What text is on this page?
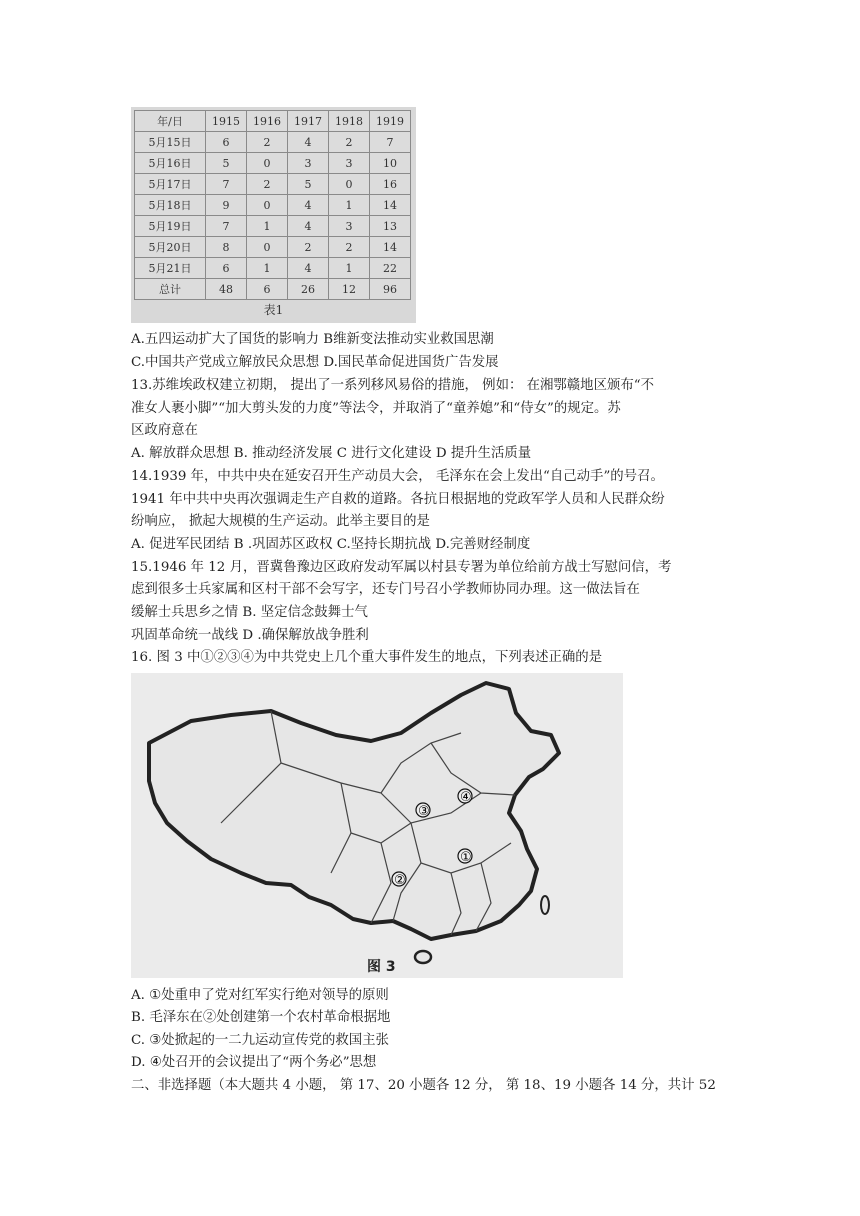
年/日	1915	1916	1917	1918	1919
5月15日	6	2	4	2	7
5月16日	5	0	3	3	10
5月17日	7	2	5	0	16
5月18日	9	0	4	1	14
5月19日	7	1	4	3	13
5月20日	8	0	2	2	14
5月21日	6	1	4	1	22
总计	48	6	26	12	96
表1
A.五四运动扩大了国货的影响力 B维新变法推动实业救国思潮
C.中国共产党成立解放民众思想 D.国民革命促进国货广告发展
13.苏维埃政权建立初期， 提出了一系列移风易俗的措施， 例如： 在湘鄂赣地区颁布“不
准女人裹小脚”“加大剪头发的力度”等法令，并取消了“童养媳”和“侍女”的规定。苏
区政府意在
A. 解放群众思想 B. 推动经济发展 C 进行文化建设 D 提升生活质量
14.1939 年，中共中央在延安召开生产动员大会， 毛泽东在会上发出“自己动手”的号召。
1941 年中共中央再次强调走生产自救的道路。各抗日根据地的党政军学人员和人民群众纷
纷响应， 掀起大规模的生产运动。此举主要目的是
A. 促进军民团结 B .巩固苏区政权 C.坚持长期抗战 D.完善财经制度
15.1946 年 12 月，晋冀鲁豫边区政府发动军属以村县专署为单位给前方战士写慰问信，考
虑到很多士兵家属和区村干部不会写字，还专门号召小学教师协同办理。这一做法旨在
缓解士兵思乡之情 B. 坚定信念鼓舞士气
巩固革命统一战线 D .确保解放战争胜利
16. 图 3 中①②③④为中共党史上几个重大事件发生的地点，下列表述正确的是
①
②
③
④
图 3
A. ①处重申了党对红军实行绝对领导的原则
B. 毛泽东在②处创建第一个农村革命根据地
C. ③处掀起的一二九运动宣传党的救国主张
D. ④处召开的会议提出了“两个务必”思想
二、非选择题（本大题共 4 小题， 第 17、20 小题各 12 分， 第 18、19 小题各 14 分，共计 52
